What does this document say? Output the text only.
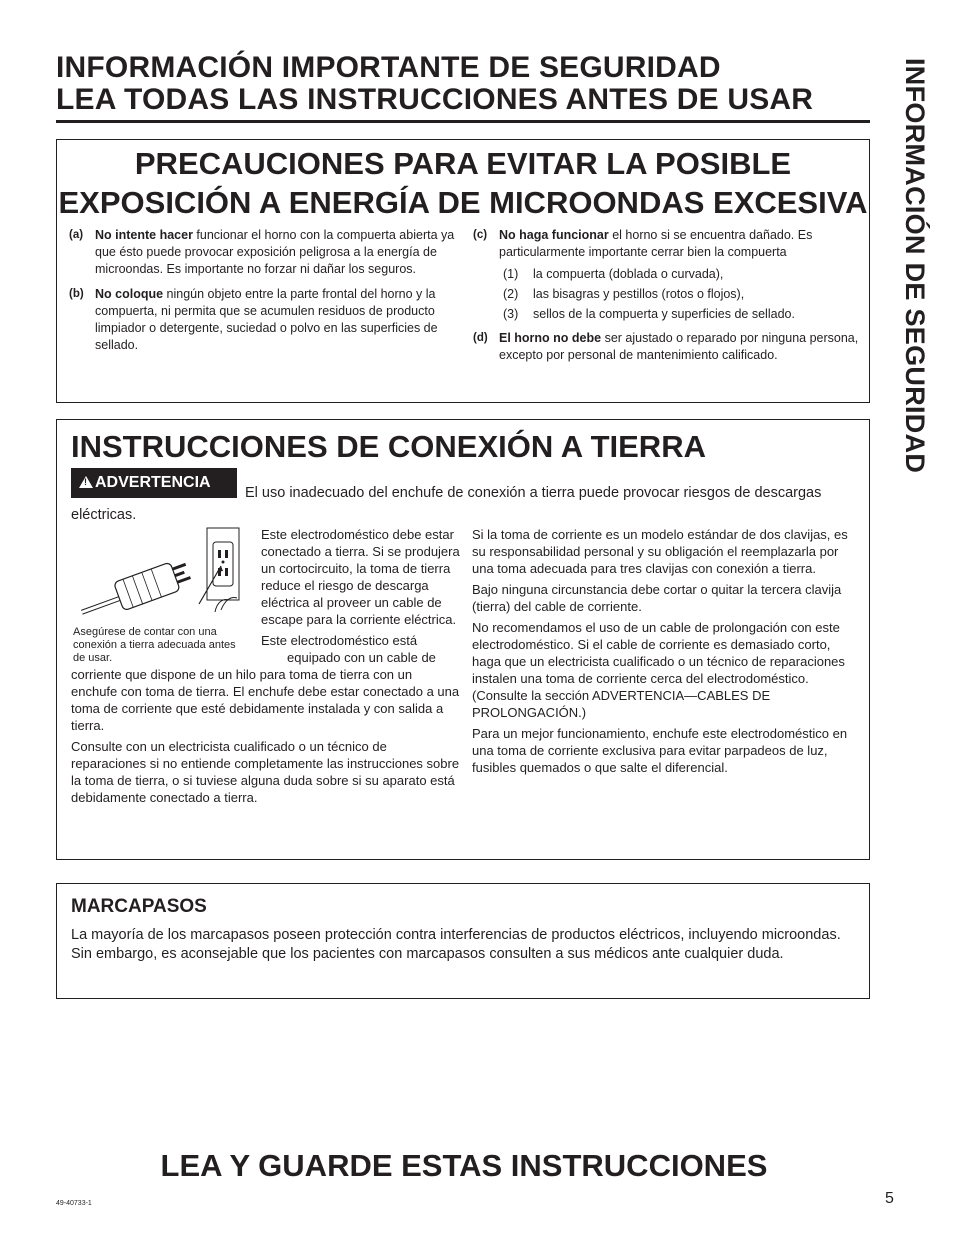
INFORMACIÓN IMPORTANTE DE SEGURIDAD
LEA TODAS LAS INSTRUCCIONES ANTES DE USAR	INFORMACIÓN DE SEGURIDAD
PRECAUCIONES PARA EVITAR LA POSIBLE
EXPOSICIÓN A ENERGÍA DE MICROONDAS EXCESIVA
(a) No intente hacer funcionar el horno con la compuerta abierta ya que ésto puede provocar exposición peligrosa a la energía de microondas. Es importante no forzar ni dañar los seguros.
(b) No coloque ningún objeto entre la parte frontal del horno y la compuerta, ni permita que se acumulen residuos de producto limpiador o detergente, suciedad o polvo en las superficies de sellado.
(c) No haga funcionar el horno si se encuentra dañado. Es particularmente importante cerrar bien la compuerta
(1) la compuerta (doblada o curvada),
(2) las bisagras y pestillos (rotos o flojos),
(3) sellos de la compuerta y superficies de sellado.
(d) El horno no debe ser ajustado o reparado por ninguna persona, excepto por personal de mantenimiento calificado.
INSTRUCCIONES DE CONEXIÓN A TIERRA
El uso inadecuado del enchufe de conexión a tierra puede provocar riesgos de descargas eléctricas.
!ADVERTENCIA
Asegúrese de contar con una conexión a tierra adecuada antes de usar.

Este electrodoméstico debe estar conectado a tierra. Si se produjera un cortocircuito, la toma de tierra reduce el riesgo de descarga eléctrica al proveer un cable de escape para la corriente eléctrica.

Este electrodoméstico está equipado con un cable de

corriente que dispone de un hilo para toma de tierra con un enchufe con toma de tierra. El enchufe debe estar conectado a una toma de corriente que esté debidamente instalada y con salida a tierra.

Consulte con un electricista cualificado o un técnico de reparaciones si no entiende completamente las instrucciones sobre la toma de tierra, o si tuviese alguna duda sobre si su aparato está debidamente conectado a tierra.

Si la toma de corriente es un modelo estándar de dos clavijas, es su responsabilidad personal y su obligación el reemplazarla por una toma adecuada para tres clavijas con conexión a tierra.

Bajo ninguna circunstancia debe cortar o quitar la tercera clavija (tierra) del cable de corriente.

No recomendamos el uso de un cable de prolongación con este electrodoméstico. Si el cable de corriente es demasiado corto, haga que un electricista cualificado o un técnico de reparaciones instalen una toma de corriente cerca del electrodoméstico. (Consulte la sección ADVERTENCIA—CABLES DE PROLONGACIÓN.)

Para un mejor funcionamiento, enchufe este electrodoméstico en una toma de corriente exclusiva para evitar parpadeos de luz, fusibles quemados o que salte el diferencial.

MARCAPASOS

La mayoría de los marcapasos poseen protección contra interferencias de productos eléctricos, incluyendo microondas. Sin embargo, es aconsejable que los pacientes con marcapasos consulten a sus médicos ante cualquier duda.

LEA Y GUARDE ESTAS INSTRUCCIONES
49-40733-1	5
